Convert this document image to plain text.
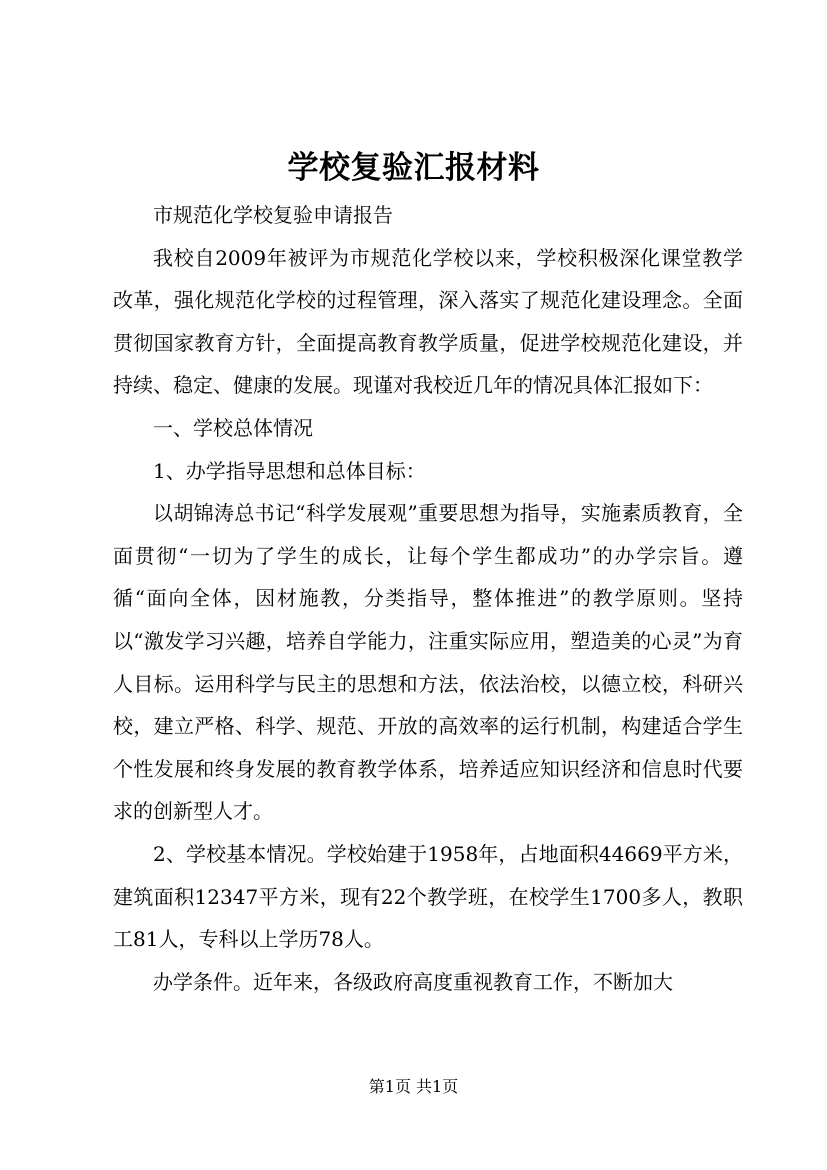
学校复验汇报材料

市规范化学校复验申请报告

我校自2009年被评为市规范化学校以来，学校积极深化课堂教学改革，强化规范化学校的过程管理，深入落实了规范化建设理念。全面贯彻国家教育方针，全面提高教育教学质量，促进学校规范化建设，并持续、稳定、健康的发展。现谨对我校近几年的情况具体汇报如下：

一、学校总体情况

1、办学指导思想和总体目标：

以胡锦涛总书记“科学发展观”重要思想为指导，实施素质教育，全面贯彻“一切为了学生的成长，让每个学生都成功”的办学宗旨。遵循“面向全体，因材施教，分类指导，整体推进”的教学原则。坚持以“激发学习兴趣，培养自学能力，注重实际应用，塑造美的心灵”为育人目标。运用科学与民主的思想和方法，依法治校，以德立校，科研兴校，建立严格、科学、规范、开放的高效率的运行机制，构建适合学生个性发展和终身发展的教育教学体系，培养适应知识经济和信息时代要求的创新型人才。

2、学校基本情况。学校始建于1958年，占地面积44669平方米，建筑面积12347平方米，现有22个教学班，在校学生1700多人，教职工81人，专科以上学历78人。

办学条件。近年来，各级政府高度重视教育工作，不断加大

第1页 共1页
